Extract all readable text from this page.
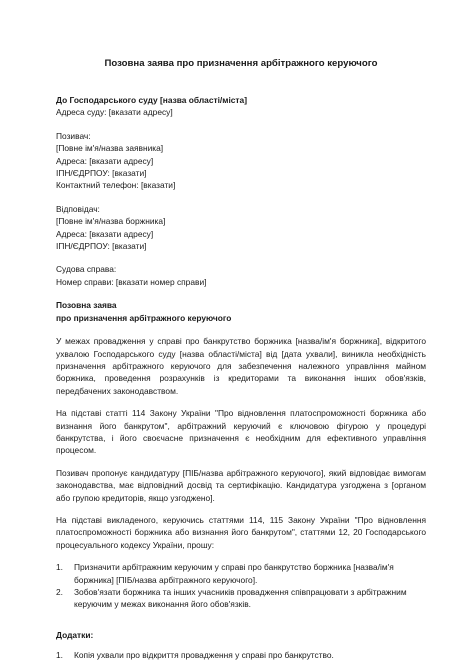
Позовна заява про призначення арбітражного керуючого
До Господарського суду [назва області/міста]
Адреса суду: [вказати адресу]
Позивач:
[Повне ім'я/назва заявника]
Адреса: [вказати адресу]
ІПН/ЄДРПОУ: [вказати]
Контактний телефон: [вказати]
Відповідач:
[Повне ім'я/назва боржника]
Адреса: [вказати адресу]
ІПН/ЄДРПОУ: [вказати]
Судова справа:
Номер справи: [вказати номер справи]
Позовна заява
про призначення арбітражного керуючого

У межах провадження у справі про банкрутство боржника [назва/ім'я боржника], відкритого ухвалою Господарського суду [назва області/міста] від [дата ухвали], виникла необхідність призначення арбітражного керуючого для забезпечення належного управління майном боржника, проведення розрахунків із кредиторами та виконання інших обов'язків, передбачених законодавством.

На підставі статті 114 Закону України "Про відновлення платоспроможності боржника або визнання його банкрутом", арбітражний керуючий є ключовою фігурою у процедурі банкрутства, і його своєчасне призначення є необхідним для ефективного управління процесом.

Позивач пропонує кандидатуру [ПІБ/назва арбітражного керуючого], який відповідає вимогам законодавства, має відповідний досвід та сертифікацію. Кандидатура узгоджена з [органом або групою кредиторів, якщо узгоджено].

На підставі викладеного, керуючись статтями 114, 115 Закону України "Про відновлення платоспроможності боржника або визнання його банкрутом", статтями 12, 20 Господарського процесуального кодексу України, прошу:

1. Призначити арбітражним керуючим у справі про банкрутство боржника [назва/ім'я боржника] [ПІБ/назва арбітражного керуючого].
2. Зобов'язати боржника та інших учасників провадження співпрацювати з арбітражним керуючим у межах виконання його обов'язків.
Додатки:
1. Копія ухвали про відкриття провадження у справі про банкрутство.
